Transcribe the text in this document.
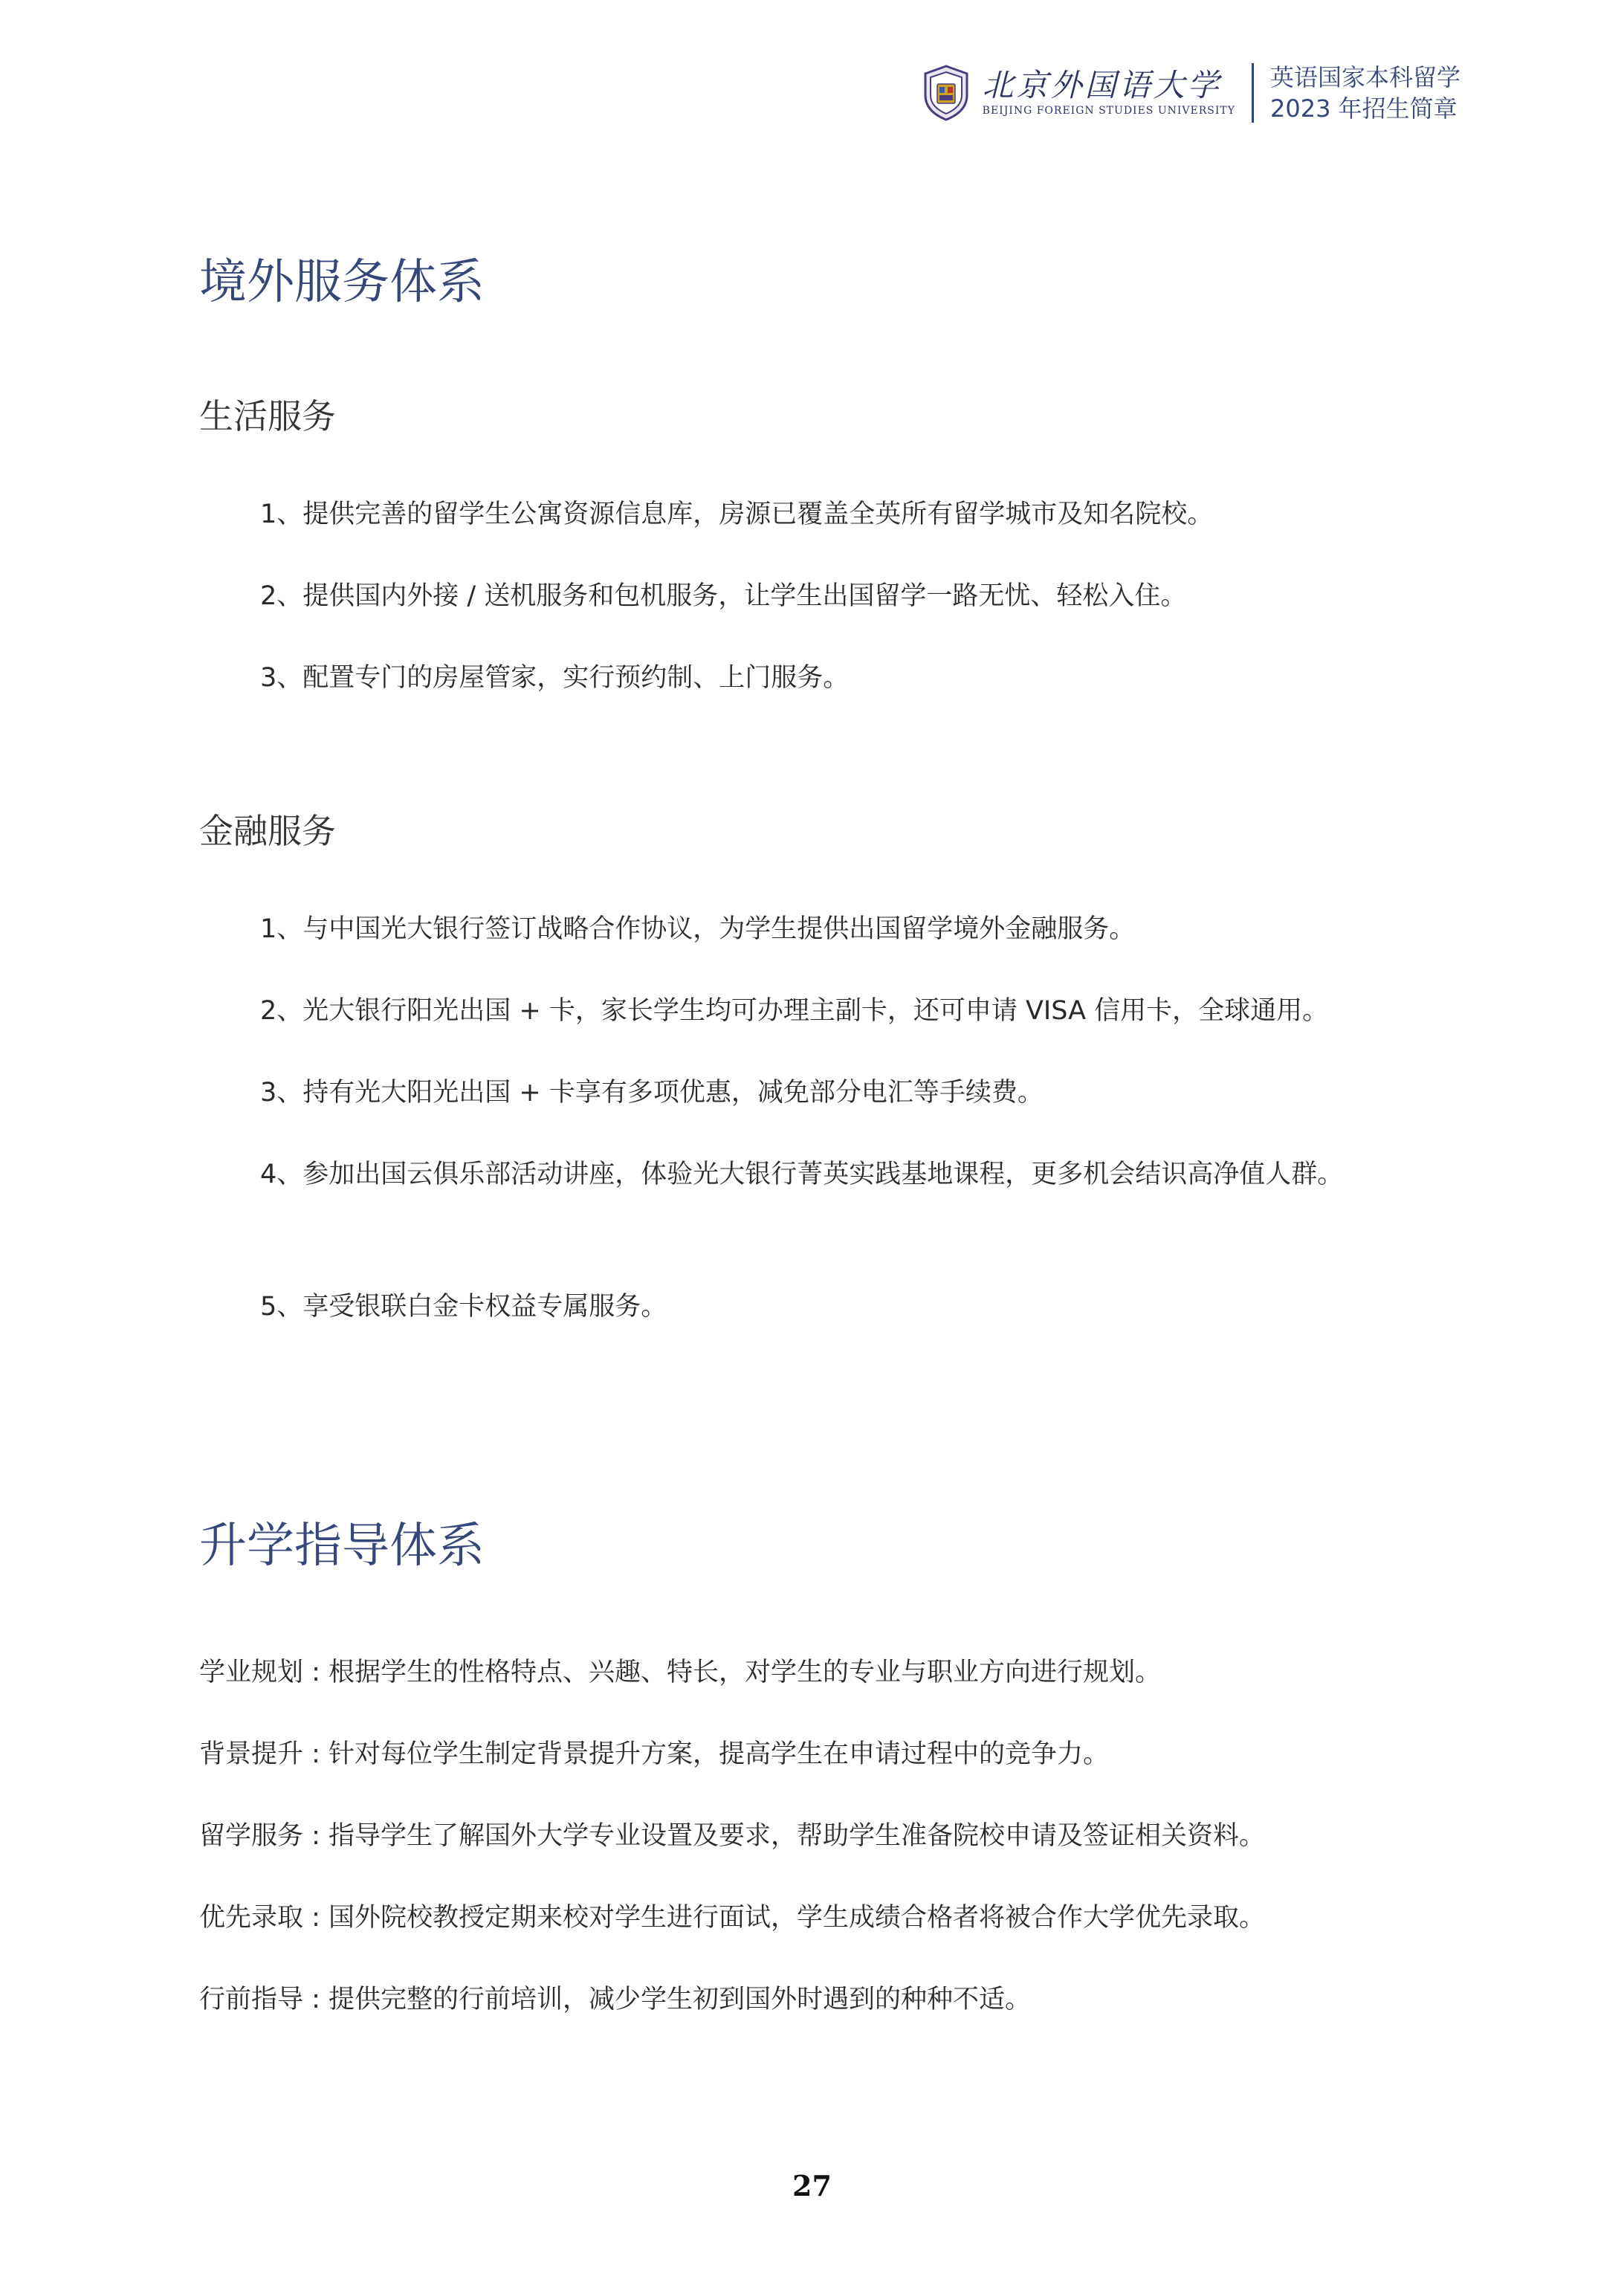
北京外国语大学
BEIJING FOREIGN STUDIES UNIVERSITY
英语国家本科留学
2023 年招生简章
境外服务体系
生活服务
1、提供完善的留学生公寓资源信息库，房源已覆盖全英所有留学城市及知名院校。
2、提供国内外接 / 送机服务和包机服务，让学生出国留学一路无忧、轻松入住。
3、配置专门的房屋管家，实行预约制、上门服务。
金融服务
1、与中国光大银行签订战略合作协议，为学生提供出国留学境外金融服务。
2、光大银行阳光出国 + 卡，家长学生均可办理主副卡，还可申请 VISA 信用卡，全球通用。
3、持有光大阳光出国 + 卡享有多项优惠，减免部分电汇等手续费。
4、参加出国云俱乐部活动讲座，体验光大银行菁英实践基地课程，更多机会结识高净值人群。
5、享受银联白金卡权益专属服务。
升学指导体系
学业规划 : 根据学生的性格特点、兴趣、特长，对学生的专业与职业方向进行规划。
背景提升 : 针对每位学生制定背景提升方案，提高学生在申请过程中的竞争力。
留学服务 : 指导学生了解国外大学专业设置及要求，帮助学生准备院校申请及签证相关资料。
优先录取 : 国外院校教授定期来校对学生进行面试，学生成绩合格者将被合作大学优先录取。
行前指导 : 提供完整的行前培训，减少学生初到国外时遇到的种种不适。
27
